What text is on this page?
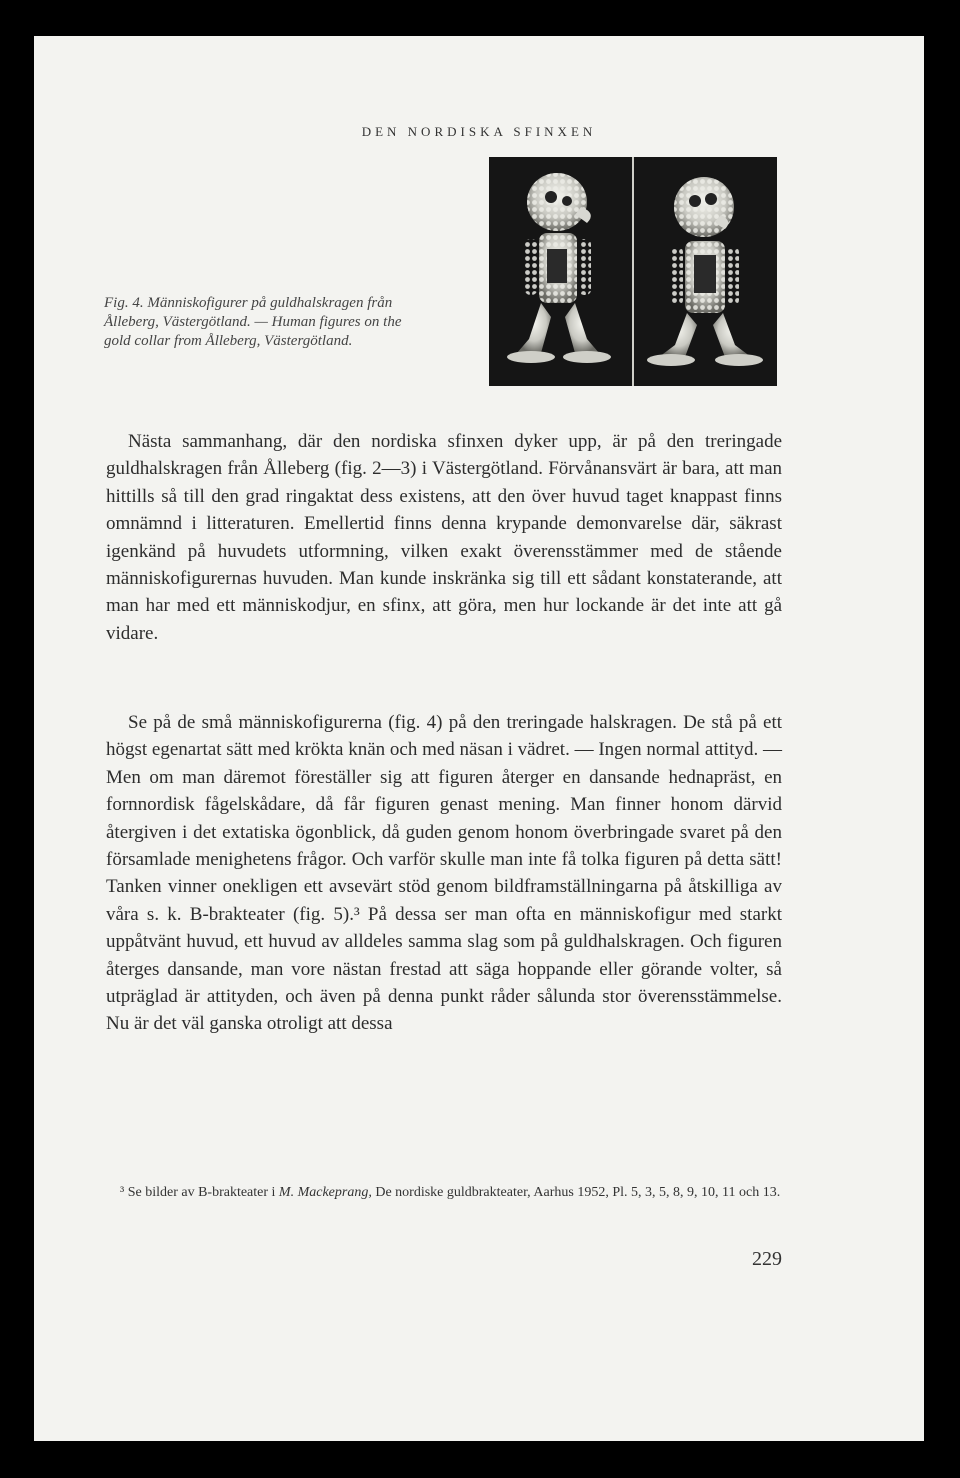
DEN NORDISKA SFINXEN

Fig. 4. Människofigurer på guldhalskragen från Ålleberg, Västergötland. — Human figures on the gold collar from Ålleberg, Västergötland.

Nästa sammanhang, där den nordiska sfinxen dyker upp, är på den treringade guldhalskragen från Ålleberg (fig. 2—3) i Västergötland. Förvånansvärt är bara, att man hittills så till den grad ringaktat dess existens, att den över huvud taget knappast finns omnämnd i litteraturen. Emellertid finns denna krypande demonvarelse där, säkrast igenkänd på huvudets utformning, vilken exakt överensstämmer med de stående människofigurernas huvuden. Man kunde inskränka sig till ett sådant konstaterande, att man har med ett människodjur, en sfinx, att göra, men hur lockande är det inte att gå vidare.

Se på de små människofigurerna (fig. 4) på den treringade halskragen. De stå på ett högst egenartat sätt med krökta knän och med näsan i vädret. — Ingen normal attityd. — Men om man däremot föreställer sig att figuren återger en dansande hednapräst, en fornnordisk fågelskådare, då får figuren genast mening. Man finner honom därvid återgiven i det extatiska ögonblick, då guden genom honom överbringade svaret på den församlade menighetens frågor. Och varför skulle man inte få tolka figuren på detta sätt! Tanken vinner onekligen ett avsevärt stöd genom bildframställningarna på åtskilliga av våra s. k. B-brakteater (fig. 5).³ På dessa ser man ofta en människofigur med starkt uppåtvänt huvud, ett huvud av alldeles samma slag som på guldhalskragen. Och figuren återges dansande, man vore nästan frestad att säga hoppande eller görande volter, så utpräglad är attityden, och även på denna punkt råder sålunda stor överensstämmelse. Nu är det väl ganska otroligt att dessa

³ Se bilder av B-brakteater i M. Mackeprang, De nordiske guldbrakteater, Aarhus 1952, Pl. 5, 3, 5, 8, 9, 10, 11 och 13.

229
